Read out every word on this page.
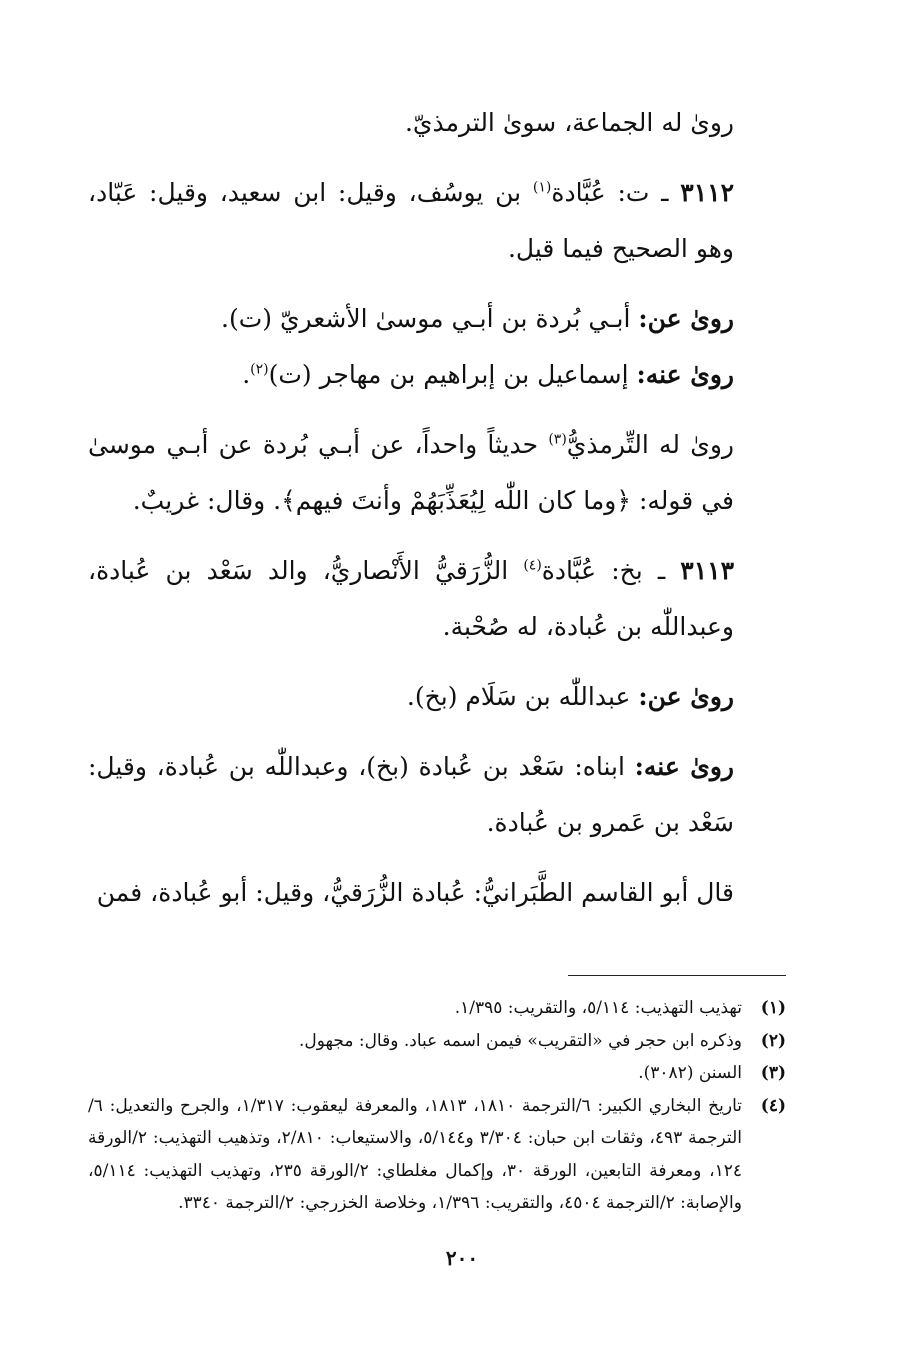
رویٰ له الجماعة، سویٰ الترمذيّ.

٣١١٢ ـ ت: عُبَّادة$^{(١)}$ بن يوسُف، وقيل: ابن سعيد، وقيل: عَبّاد، وهو الصحيح فيما قيل.

رویٰ عن: أبـي بُردة بن أبـي موسیٰ الأشعريّ (ت).

رویٰ عنه: إسماعيل بن إبراهيم بن مهاجر (ت)$^{(٢)}$.

رویٰ له التِّرمذيُّ$^{(٣)}$ حديثاً واحداً، عن أبـي بُردة عن أبـي موسیٰ في قوله: ﴿وما كان اللّٰه لِيُعَذِّبَهُمْ وأنتَ فيهم﴾. وقال: غريبٌ.

٣١١٣ ـ بخ: عُبَّادة$^{(٤)}$ الزُّرَقيُّ الأَنْصاريُّ، والد سَعْد بن عُبادة، وعبداللّٰه بن عُبادة، له صُحْبة.

رویٰ عن: عبداللّٰه بن سَلَام (بخ).

رویٰ عنه: ابناه: سَعْد بن عُبادة (بخ)، وعبداللّٰه بن عُبادة، وقيل: سَعْد بن عَمرو بن عُبادة.

قال أبو القاسم الطَّبَرانيُّ: عُبادة الزُّرَقيُّ، وقيل: أبو عُبادة، فمن

(١)
تهذيب التهذيب: ٥/١١٤، والتقريب: ١/٣٩٥.
(٢)
وذكره ابن حجر في «التقريب» فيمن اسمه عباد. وقال: مجهول.
(٣)
السنن (٣٠٨٢).
(٤)
تاريخ البخاري الكبير: ٦/الترجمة ١٨١٠، ١٨١٣، والمعرفة ليعقوب: ١/٣١٧، والجرح والتعديل: ٦/الترجمة ٤٩٣، وثقات ابن حبان: ٣/٣٠٤ و٥/١٤٤، والاستيعاب: ٢/٨١٠، وتذهيب التهذيب: ٢/الورقة ١٢٤، ومعرفة التابعين، الورقة ٣٠، وإكمال مغلطاي: ٢/الورقة ٢٣٥، وتهذيب التهذيب: ٥/١١٤، والإصابة: ٢/الترجمة ٤٥٠٤، والتقريب: ١/٣٩٦، وخلاصة الخزرجي: ٢/الترجمة ٣٣٤٠.
٢٠٠
